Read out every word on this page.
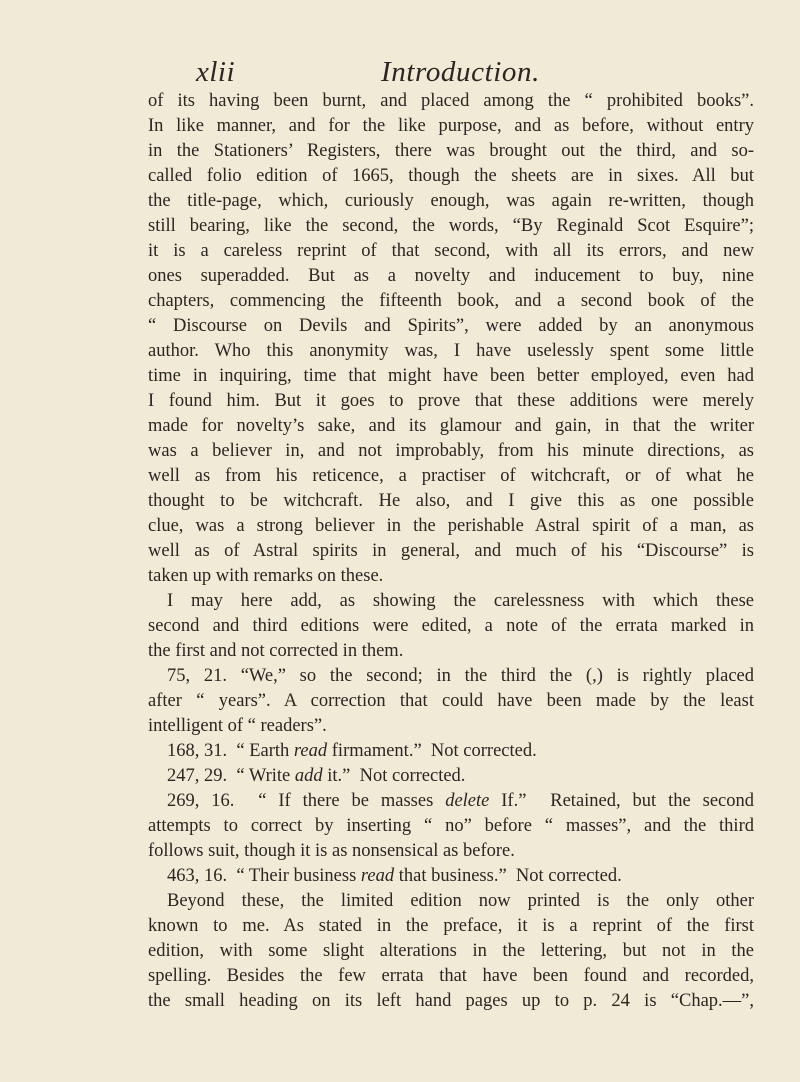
xlii	Introduction.
of its having been burnt, and placed among the “ prohibited books”.
In like manner, and for the like purpose, and as before, without entry
in the Stationers’ Registers, there was brought out the third, and so-
called folio edition of 1665, though the sheets are in sixes. All but
the title-page, which, curiously enough, was again re-written, though
still bearing, like the second, the words, “By Reginald Scot Esquire”;
it is a careless reprint of that second, with all its errors, and new
ones superadded. But as a novelty and inducement to buy, nine
chapters, commencing the fifteenth book, and a second book of the
“ Discourse on Devils and Spirits”, were added by an anonymous
author. Who this anonymity was, I have uselessly spent some little
time in inquiring, time that might have been better employed, even had
I found him. But it goes to prove that these additions were merely
made for novelty’s sake, and its glamour and gain, in that the writer
was a believer in, and not improbably, from his minute directions, as
well as from his reticence, a practiser of witchcraft, or of what he
thought to be witchcraft. He also, and I give this as one possible
clue, was a strong believer in the perishable Astral spirit of a man, as
well as of Astral spirits in general, and much of his “Discourse” is
taken up with remarks on these.
I may here add, as showing the carelessness with which these
second and third editions were edited, a note of the errata marked in
the first and not corrected in them.
75, 21. “We,” so the second; in the third the (,) is rightly placed
after “ years”. A correction that could have been made by the least
intelligent of “ readers”.
168, 31.  “ Earth read firmament.”  Not corrected.
247, 29.  “ Write add it.”  Not corrected.
269, 16.  “ If there be masses delete If.”  Retained, but the second
attempts to correct by inserting “ no” before “ masses”, and the third
follows suit, though it is as nonsensical as before.
463, 16.  “ Their business read that business.”  Not corrected.
Beyond these, the limited edition now printed is the only other
known to me. As stated in the preface, it is a reprint of the first
edition, with some slight alterations in the lettering, but not in the
spelling. Besides the few errata that have been found and recorded,
the small heading on its left hand pages up to p. 24 is “Chap.—”,
